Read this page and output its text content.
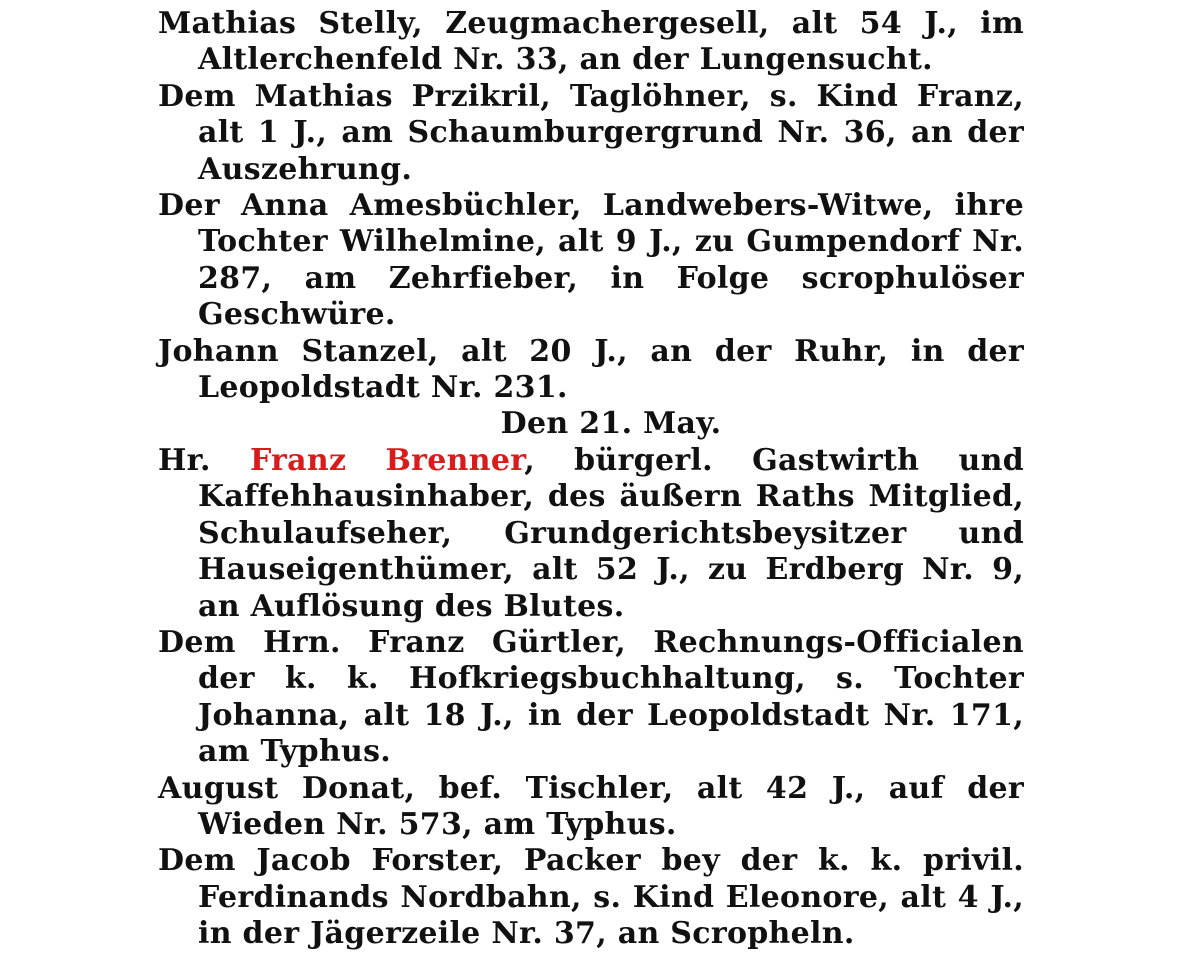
Mathias Stelly, Zeugmachergesell, alt 54 J., im Altlerchenfeld Nr. 33, an der Lungensucht.

Dem Mathias Przikril, Taglöhner, s. Kind Franz, alt 1 J., am Schaumburgergrund Nr. 36, an der Auszehrung.

Der Anna Amesbüchler, Landwebers-Witwe, ihre Tochter Wilhelmine, alt 9 J., zu Gumpendorf Nr. 287, am Zehrfieber, in Folge scrophulöser Geschwüre.

Johann Stanzel, alt 20 J., an der Ruhr, in der Leopoldstadt Nr. 231.

Den 21. May.

Hr. Franz Brenner, bürgerl. Gastwirth und Kaffehhausinhaber, des äußern Raths Mitglied, Schulaufseher, Grundgerichtsbeysitzer und Hauseigenthümer, alt 52 J., zu Erdberg Nr. 9, an Auflösung des Blutes.

Dem Hrn. Franz Gürtler, Rechnungs-Officialen der k. k. Hofkriegsbuchhaltung, s. Tochter Johanna, alt 18 J., in der Leopoldstadt Nr. 171, am Typhus.

August Donat, bef. Tischler, alt 42 J., auf der Wieden Nr. 573, am Typhus.

Dem Jacob Forster, Packer bey der k. k. privil. Ferdinands Nordbahn, s. Kind Eleonore, alt 4 J., in der Jägerzeile Nr. 37, an Scropheln.
